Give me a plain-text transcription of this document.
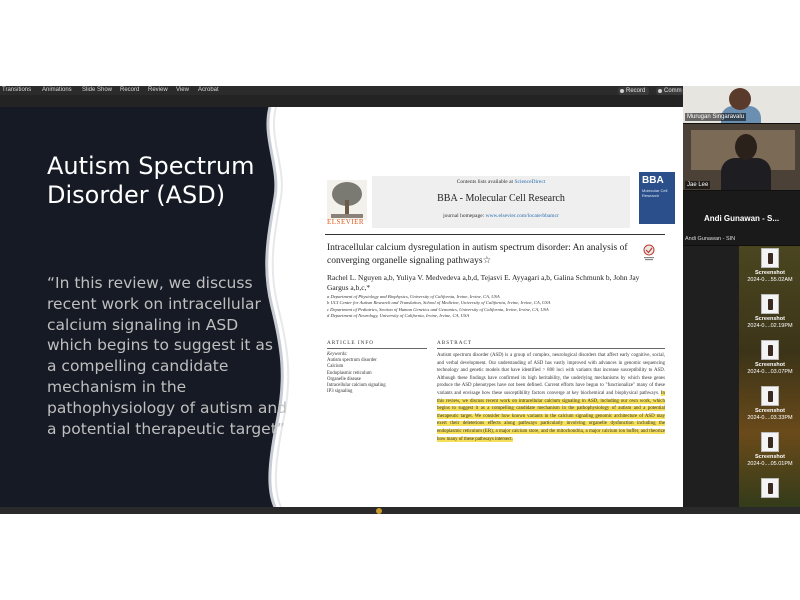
Transitions Animations Slide Show Record Review View Acrobat	Record	Comm
Autism Spectrum Disorder (ASD)
“In this review, we discuss recent work on intracellular calcium signaling in ASD which begins to suggest it as a compelling candidate mechanism in the pathophysiology of autism and a potential therapeutic target”
ELSEVIER
Contents lists available at ScienceDirect
BBA - Molecular Cell Research
journal homepage: www.elsevier.com/locate/bbamcr
BBA
Molecular Cell Research
Intracellular calcium dysregulation in autism spectrum disorder: An analysis of converging organelle signaling pathways☆
Rachel L. Nguyen a,b, Yuliya V. Medvedeva a,b,d, Tejasvi E. Ayyagari a,b, Galina Schmunk b, John Jay Gargus a,b,c,*
a Department of Physiology and Biophysics, University of California, Irvine, Irvine, CA, USA
b UCI Center for Autism Research and Translation, School of Medicine, University of California, Irvine, Irvine, CA, USA
c Department of Pediatrics, Section of Human Genetics and Genomics, University of California, Irvine, Irvine, CA, USA
d Department of Neurology, University of California, Irvine, Irvine, CA, USA
ARTICLE INFO	ABSTRACT
Keywords:
Autism spectrum disorder
Calcium
Endoplasmic reticulum
Organelle disease
Intracellular calcium signaling
IP3 signaling
Autism spectrum disorder (ASD) is a group of complex, neurological disorders that affect early cognitive, social, and verbal development. Our understanding of ASD has vastly improved with advances in genomic sequencing technology and genetic models that have identified > 800 loci with variants that increase susceptibility to ASD. Although these findings have confirmed its high heritability, the underlying mechanisms by which these genes produce the ASD phenotypes have not been defined. Current efforts have begun to "functionalize" many of these variants and envisage how these susceptibility factors converge at key biochemical and biophysical pathways. In this review, we discuss recent work on intracellular calcium signaling in ASD, including our own work, which begins to suggest it as a compelling candidate mechanism in the pathophysiology of autism and a potential therapeutic target. We consider how known variants in the calcium signaling genomic architecture of ASD may exert their deleterious effects along pathways particularly involving organelle dysfunction including the endoplasmic reticulum (ER), a major calcium store, and the mitochondria, a major calcium ion buffer, and theorize how many of these pathways intersect.
Murugan Singaravalu
Jae Lee
Andi Gunawan - S...
Andi Gunawan - SIN
Screenshot
2024-0....55.02AM
Screenshot
2024-0....02.19PM
Screenshot
2024-0....03.07PM
Screenshot
2024-0....03.33PM
Screenshot
2024-0....05.01PM
